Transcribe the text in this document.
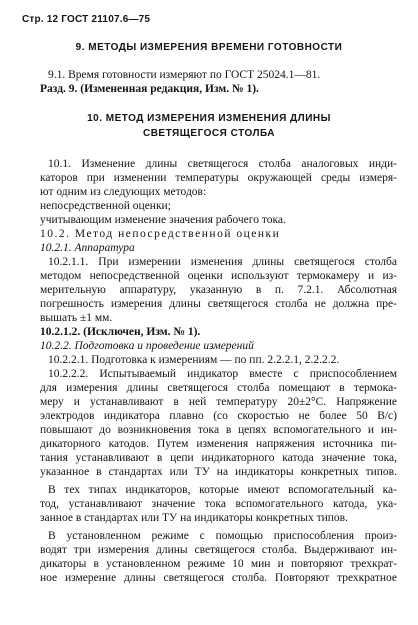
Стр. 12 ГОСТ 21107.6—75
9. МЕТОДЫ ИЗМЕРЕНИЯ ВРЕМЕНИ ГОТОВНОСТИ
9.1. Время готовности измеряют по ГОСТ 25024.1—81.
Разд. 9. (Измененная редакция, Изм. № 1).
10. МЕТОД ИЗМЕРЕНИЯ ИЗМЕНЕНИЯ ДЛИНЫ
СВЕТЯЩЕГОСЯ СТОЛБА
10.1. Изменение длины светящегося столба аналоговых инди-
каторов при изменении температуры окружающей среды измеря-
ют одним из следующих методов:
непосредственной оценки;
учитывающим изменение значения рабочего тока.
10.2. Метод непосредственной оценки
10.2.1. Аппаратура
10.2.1.1. При измерении изменения длины светящегося столба
методом непосредственной оценки используют термокамеру и из-
мерительную аппаратуру, указанную в п. 7.2.1. Абсолютная
погрешность измерения длины светящегося столба не должна пре-
вышать ±1 мм.
10.2.1.2. (Исключен, Изм. № 1).
10.2.2. Подготовка и проведение измерений
10.2.2.1. Подготовка к измерениям — по пп. 2.2.2.1, 2.2.2.2.
10.2.2.2. Испытываемый индикатор вместе с приспособлением
для измерения длины светящегося столба помещают в термока-
меру и устанавливают в ней температуру 20±2°С. Напряжение
электродов индикатора плавно (со скоростью не более 50 В/с)
повышают до возникновения тока в цепях вспомогательного и ин-
дикаторного катодов. Путем изменения напряжения источника пи-
тания устанавливают в цепи индикаторного катода значение тока,
указанное в стандартах или ТУ на индикаторы конкретных типов.
В тех типах индикаторов, которые имеют вспомогательный ка-
тод, устанавливают значение тока вспомогательного катода, ука-
занное в стандартах или ТУ на индикаторы конкретных типов.
В установленном режиме с помощью приспособления произ-
водят три измерения длины светящегося столба. Выдерживают ин-
дикаторы в установленном режиме 10 мин и повторяют трехкрат-
ное измерение длины светящегося столба. Повторяют трехкратное
